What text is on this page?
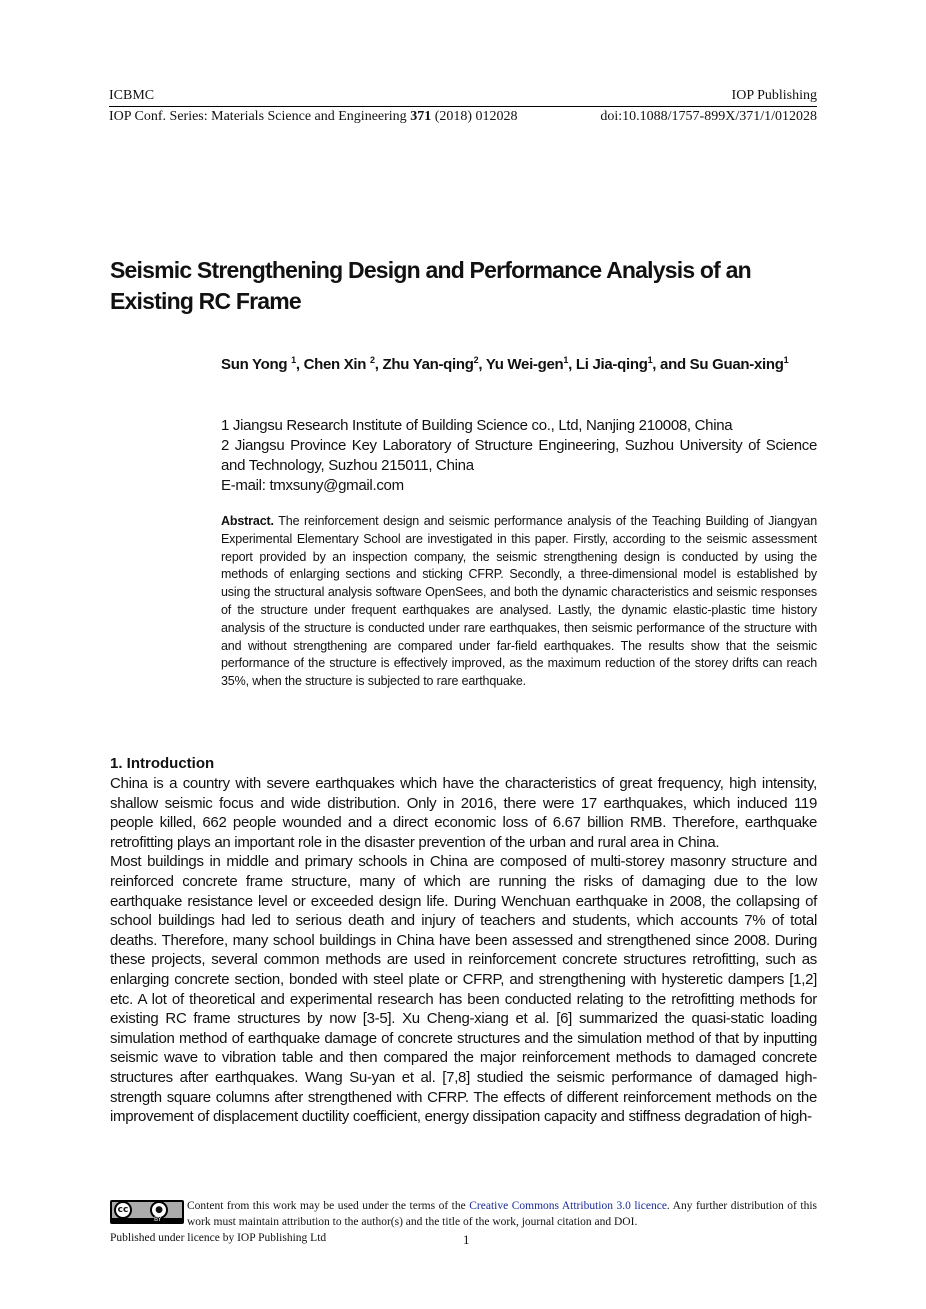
ICBMC	IOP Publishing
IOP Conf. Series: Materials Science and Engineering 371 (2018) 012028	doi:10.1088/1757-899X/371/1/012028
Seismic Strengthening Design and Performance Analysis of an Existing RC Frame
Sun Yong $^1$, Chen Xin $^2$, Zhu Yan-qing$^2$, Yu Wei-gen$^1$, Li Jia-qing$^1$, and Su Guan-xing$^1$
1 Jiangsu Research Institute of Building Science co., Ltd, Nanjing 210008, China
2 Jiangsu Province Key Laboratory of Structure Engineering, Suzhou University of Science and Technology, Suzhou 215011, China
E-mail: tmxsuny@gmail.com
Abstract. The reinforcement design and seismic performance analysis of the Teaching Building of Jiangyan Experimental Elementary School are investigated in this paper. Firstly, according to the seismic assessment report provided by an inspection company, the seismic strengthening design is conducted by using the methods of enlarging sections and sticking CFRP. Secondly, a three-dimensional model is established by using the structural analysis software OpenSees, and both the dynamic characteristics and seismic responses of the structure under frequent earthquakes are analysed. Lastly, the dynamic elastic-plastic time history analysis of the structure is conducted under rare earthquakes, then seismic performance of the structure with and without strengthening are compared under far-field earthquakes. The results show that the seismic performance of the structure is effectively improved, as the maximum reduction of the storey drifts can reach 35%, when the structure is subjected to rare earthquake.
1. Introduction

China is a country with severe earthquakes which have the characteristics of great frequency, high intensity, shallow seismic focus and wide distribution. Only in 2016, there were 17 earthquakes, which induced 119 people killed, 662 people wounded and a direct economic loss of 6.67 billion RMB. Therefore, earthquake retrofitting plays an important role in the disaster prevention of the urban and rural area in China.

Most buildings in middle and primary schools in China are composed of multi-storey masonry structure and reinforced concrete frame structure, many of which are running the risks of damaging due to the low earthquake resistance level or exceeded design life. During Wenchuan earthquake in 2008, the collapsing of school buildings had led to serious death and injury of teachers and students, which accounts 7% of total deaths. Therefore, many school buildings in China have been assessed and strengthened since 2008. During these projects, several common methods are used in reinforcement concrete structures retrofitting, such as enlarging concrete section, bonded with steel plate or CFRP, and strengthening with hysteretic dampers [1,2] etc. A lot of theoretical and experimental research has been conducted relating to the retrofitting methods for existing RC frame structures by now [3-5]. Xu Cheng-xiang et al. [6] summarized the quasi-static loading simulation method of earthquake damage of concrete structures and the simulation method of that by inputting seismic wave to vibration table and then compared the major reinforcement methods to damaged concrete structures after earthquakes. Wang Su-yan et al. [7,8] studied the seismic performance of damaged high-strength square columns after strengthened with CFRP. The effects of different reinforcement methods on the improvement of displacement ductility coefficient, energy dissipation capacity and stiffness degradation of high-

cc	●
BY
Content from this work may be used under the terms of the Creative Commons Attribution 3.0 licence. Any further distribution of this work must maintain attribution to the author(s) and the title of the work, journal citation and DOI.
Published under licence by IOP Publishing Ltd	1
